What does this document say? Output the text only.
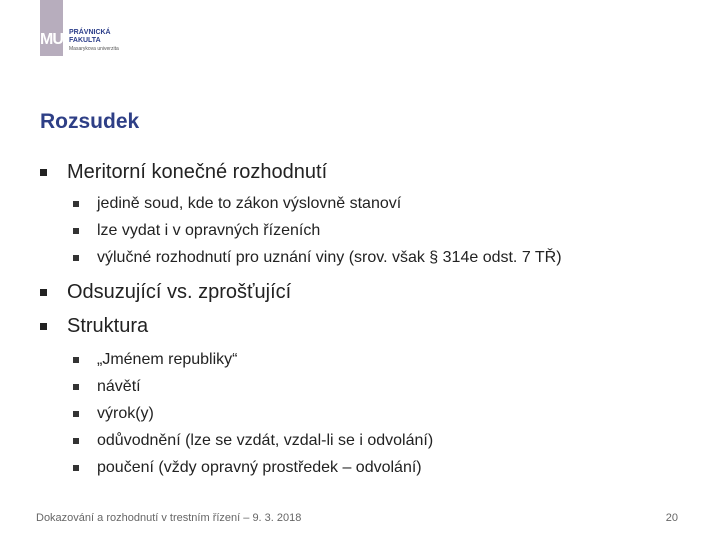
MU PRÁVNICKÁ
FAKULTA
Masarykova univerzita
Rozsudek
Meritorní konečné rozhodnutí
jedině soud, kde to zákon výslovně stanoví
lze vydat i v opravných řízeních
výlučné rozhodnutí pro uznání viny (srov. však § 314e odst. 7 TŘ)
Odsuzující vs. zprošťující
Struktura
„Jménem republiky“
návětí
výrok(y)
odůvodnění (lze se vzdát, vzdal-li se i odvolání)
poučení (vždy opravný prostředek – odvolání)
Dokazování a rozhodnutí v trestním řízení – 9. 3. 2018	20
